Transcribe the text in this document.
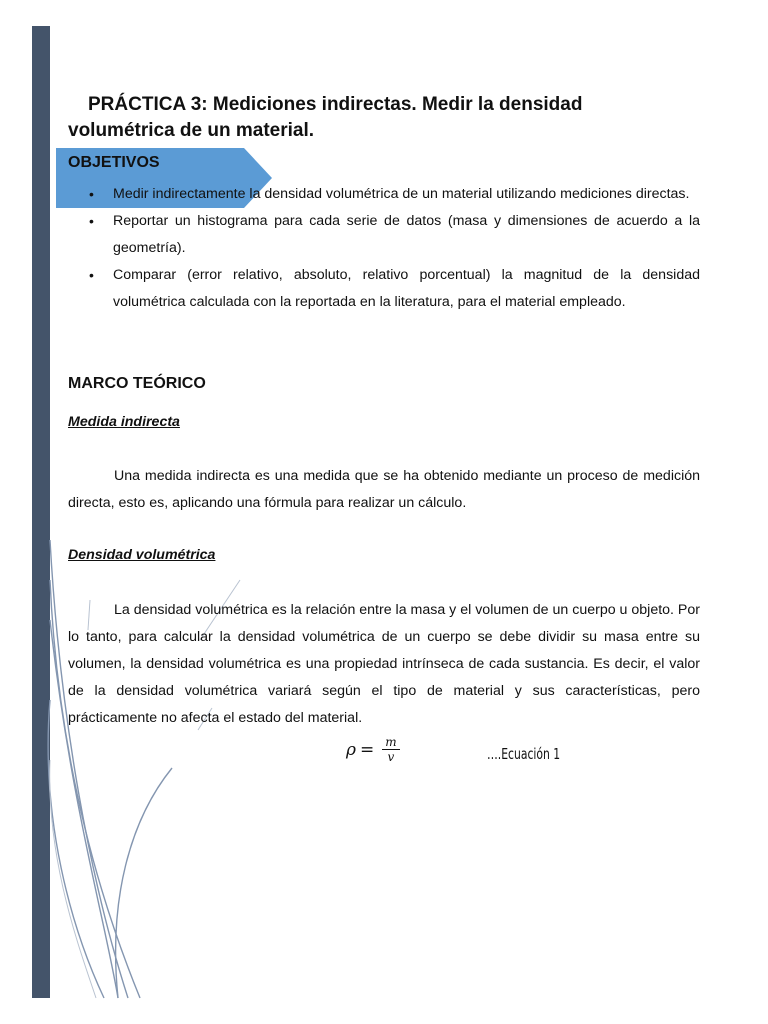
PRÁCTICA 3: Mediciones indirectas. Medir la densidad
volumétrica de un material.
OBJETIVOS
• Medir indirectamente la densidad volumétrica de un material utilizando mediciones directas.
• Reportar un histograma para cada serie de datos (masa y dimensiones de acuerdo a la geometría).
• Comparar (error relativo, absoluto, relativo porcentual) la magnitud de la densidad volumétrica calculada con la reportada en la literatura, para el material empleado.
MARCO TEÓRICO
Medida indirecta

Una medida indirecta es una medida que se ha obtenido mediante un proceso de medición directa, esto es, aplicando una fórmula para realizar un cálculo.

Densidad volumétrica

La densidad volumétrica es la relación entre la masa y el volumen de un cuerpo u objeto. Por lo tanto, para calcular la densidad volumétrica de un cuerpo se debe dividir su masa entre su volumen, la densidad volumétrica es una propiedad intrínseca de cada sustancia. Es decir, el valor de la densidad volumétrica variará según el tipo de material y sus características, pero prácticamente no afecta el estado del material.

$\rho = \frac{m}{v}$	….Ecuación 1
